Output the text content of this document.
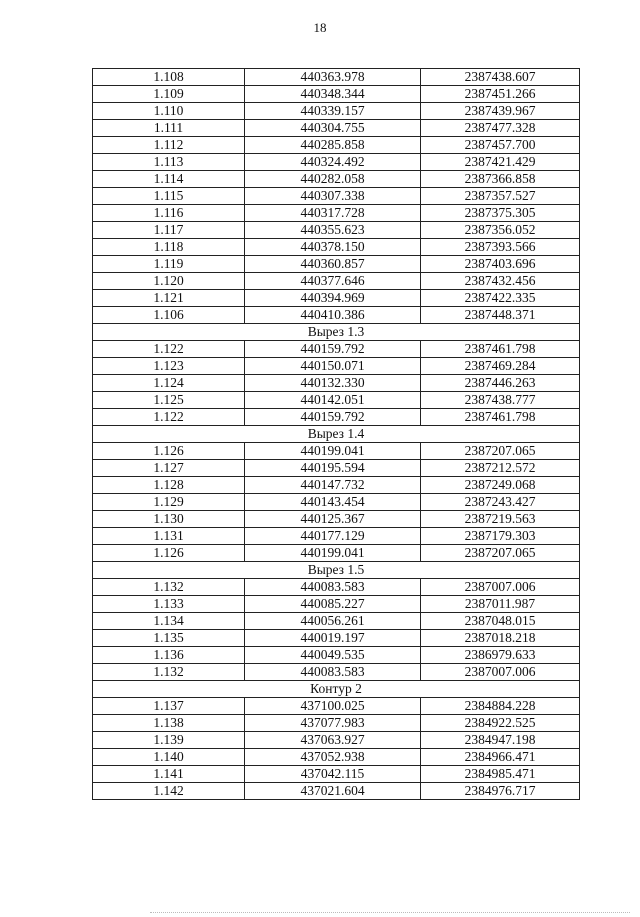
18
1.108	440363.978	2387438.607
1.109	440348.344	2387451.266
1.110	440339.157	2387439.967
1.111	440304.755	2387477.328
1.112	440285.858	2387457.700
1.113	440324.492	2387421.429
1.114	440282.058	2387366.858
1.115	440307.338	2387357.527
1.116	440317.728	2387375.305
1.117	440355.623	2387356.052
1.118	440378.150	2387393.566
1.119	440360.857	2387403.696
1.120	440377.646	2387432.456
1.121	440394.969	2387422.335
1.106	440410.386	2387448.371
Вырез 1.3		
1.122	440159.792	2387461.798
1.123	440150.071	2387469.284
1.124	440132.330	2387446.263
1.125	440142.051	2387438.777
1.122	440159.792	2387461.798
Вырез 1.4		
1.126	440199.041	2387207.065
1.127	440195.594	2387212.572
1.128	440147.732	2387249.068
1.129	440143.454	2387243.427
1.130	440125.367	2387219.563
1.131	440177.129	2387179.303
1.126	440199.041	2387207.065
Вырез 1.5		
1.132	440083.583	2387007.006
1.133	440085.227	2387011.987
1.134	440056.261	2387048.015
1.135	440019.197	2387018.218
1.136	440049.535	2386979.633
1.132	440083.583	2387007.006
Контур 2		
1.137	437100.025	2384884.228
1.138	437077.983	2384922.525
1.139	437063.927	2384947.198
1.140	437052.938	2384966.471
1.141	437042.115	2384985.471
1.142	437021.604	2384976.717
